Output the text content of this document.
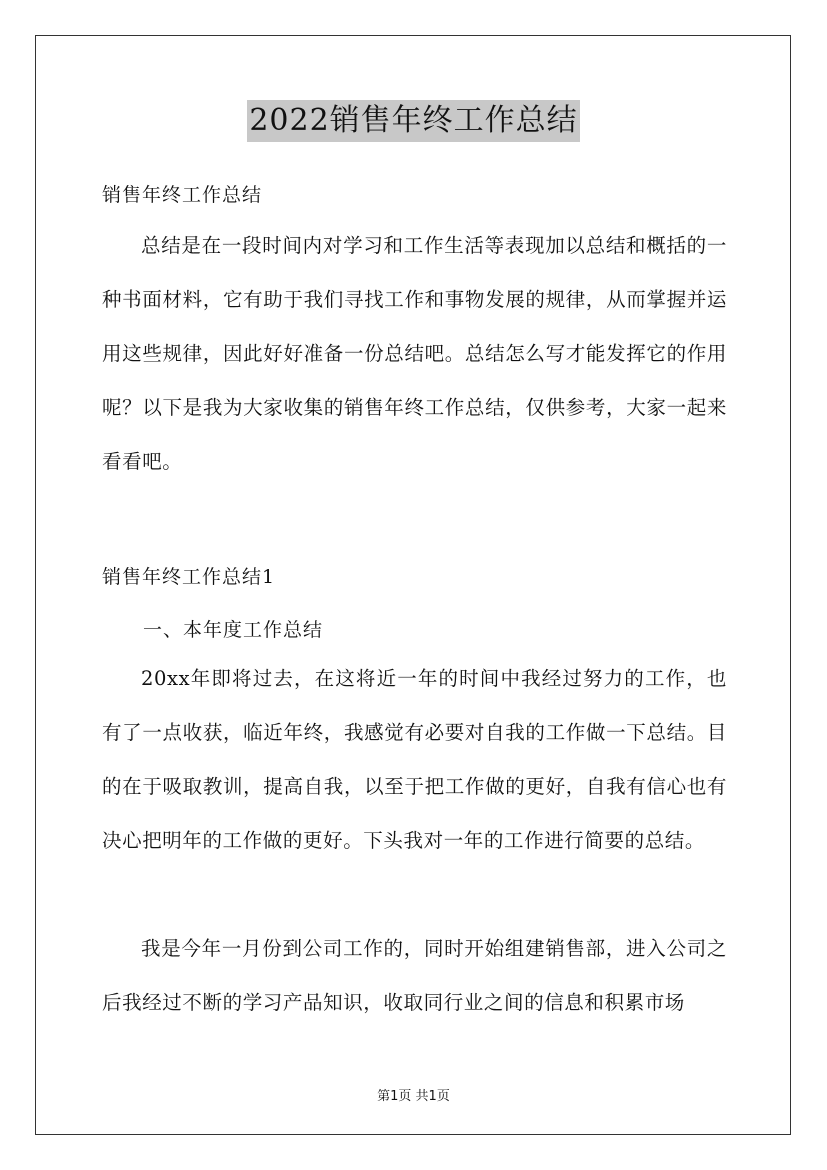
2022销售年终工作总结
销售年终工作总结
总结是在一段时间内对学习和工作生活等表现加以总结和概括的一种书面材料，它有助于我们寻找工作和事物发展的规律，从而掌握并运用这些规律，因此好好准备一份总结吧。总结怎么写才能发挥它的作用呢？以下是我为大家收集的销售年终工作总结，仅供参考，大家一起来看看吧。
销售年终工作总结1
一、本年度工作总结
20xx年即将过去，在这将近一年的时间中我经过努力的工作，也有了一点收获，临近年终，我感觉有必要对自我的工作做一下总结。目的在于吸取教训，提高自我，以至于把工作做的更好，自我有信心也有决心把明年的工作做的更好。下头我对一年的工作进行简要的总结。
我是今年一月份到公司工作的，同时开始组建销售部，进入公司之后我经过不断的学习产品知识，收取同行业之间的信息和积累市场
第1页 共1页
